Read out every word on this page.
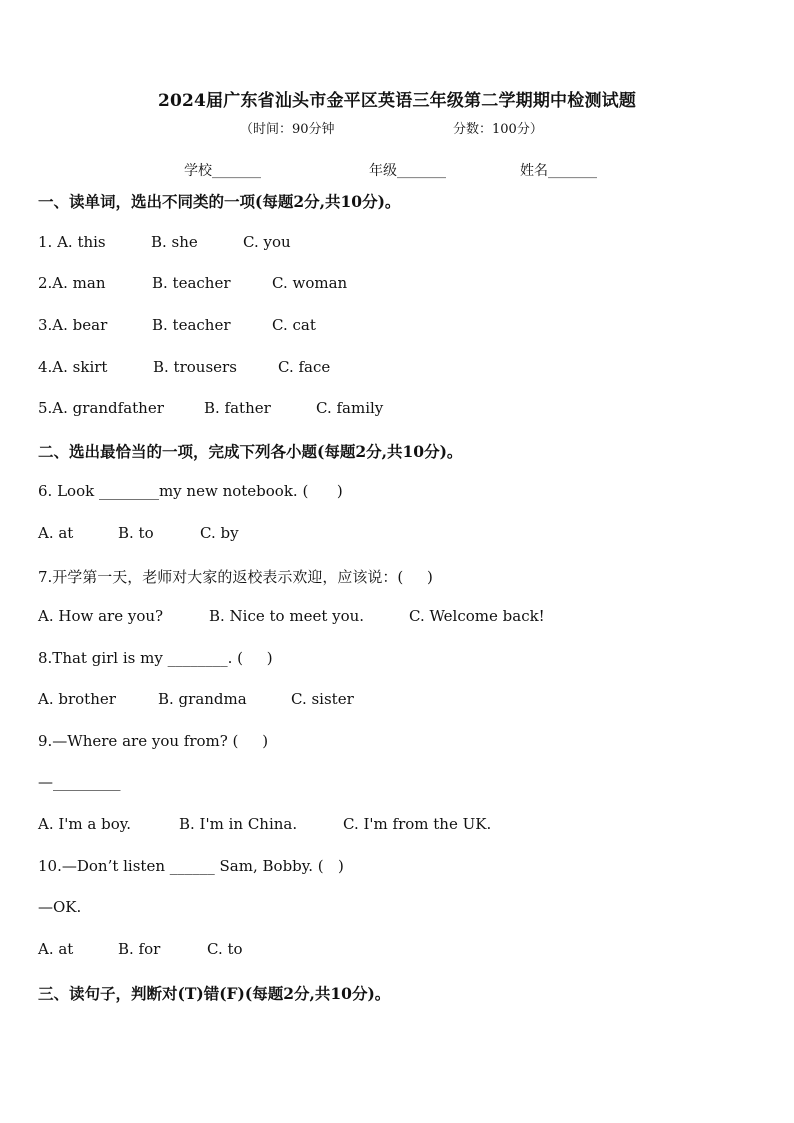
2024届广东省汕头市金平区英语三年级第二学期期中检测试题
（时间：90分钟	分数：100分）
学校_______	年级_______	姓名_______
一、读单词，选出不同类的一项(每题2分,共10分)。
1. A. this	B. she	C. you
2.A. man	B. teacher	C. woman
3.A. bear	B. teacher	C. cat
4.A. skirt	B. trousers	C. face
5.A. grandfather	B. father	C. family
二、选出最恰当的一项，完成下列各小题(每题2分,共10分)。
6. Look ________my new notebook. (      )
A. at	B. to	C. by
7.开学第一天，老师对大家的返校表示欢迎，应该说：(     )
A. How are you?	B. Nice to meet you.	C. Welcome back!
8.That girl is my ________. (     )
A. brother	B. grandma	C. sister
9.—Where are you from? (     )
—_________
A. I'm a boy.	B. I'm in China.	C. I'm from the UK.
10.—Don’t listen ______ Sam, Bobby. (   )
—OK.
A. at	B. for	C. to
三、读句子，判断对(T)错(F)(每题2分,共10分)。
